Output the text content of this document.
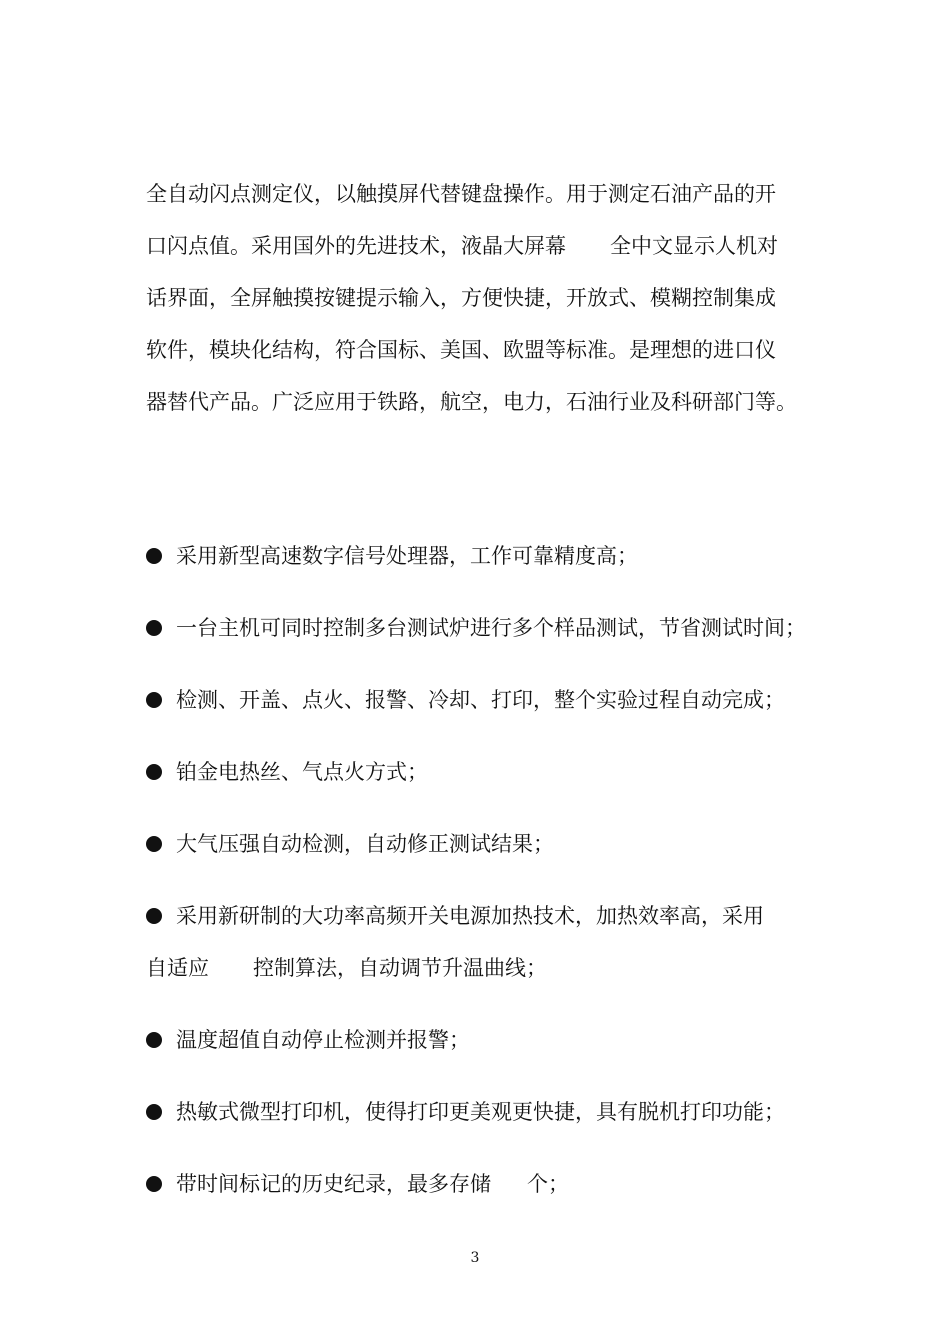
全自动闪点测定仪，以触摸屏代替键盘操作。用于测定石油产品的开
口闪点值。采用国外的先进技术，液晶大屏幕 全中文显示人机对
话界面，全屏触摸按键提示输入，方便快捷，开放式、模糊控制集成
软件，模块化结构，符合国标、美国、欧盟等标准。是理想的进口仪
器替代产品。广泛应用于铁路，航空，电力，石油行业及科研部门等。
采用新型高速数字信号处理器，工作可靠精度高；
一台主机可同时控制多台测试炉进行多个样品测试，节省测试时间；
检测、开盖、点火、报警、冷却、打印，整个实验过程自动完成；
铂金电热丝、气点火方式；
大气压强自动检测，自动修正测试结果；
采用新研制的大功率高频开关电源加热技术，加热效率高，采用
自适应 控制算法，自动调节升温曲线；
温度超值自动停止检测并报警；
热敏式微型打印机，使得打印更美观更快捷，具有脱机打印功能；
带时间标记的历史纪录，最多存储 个；
3
